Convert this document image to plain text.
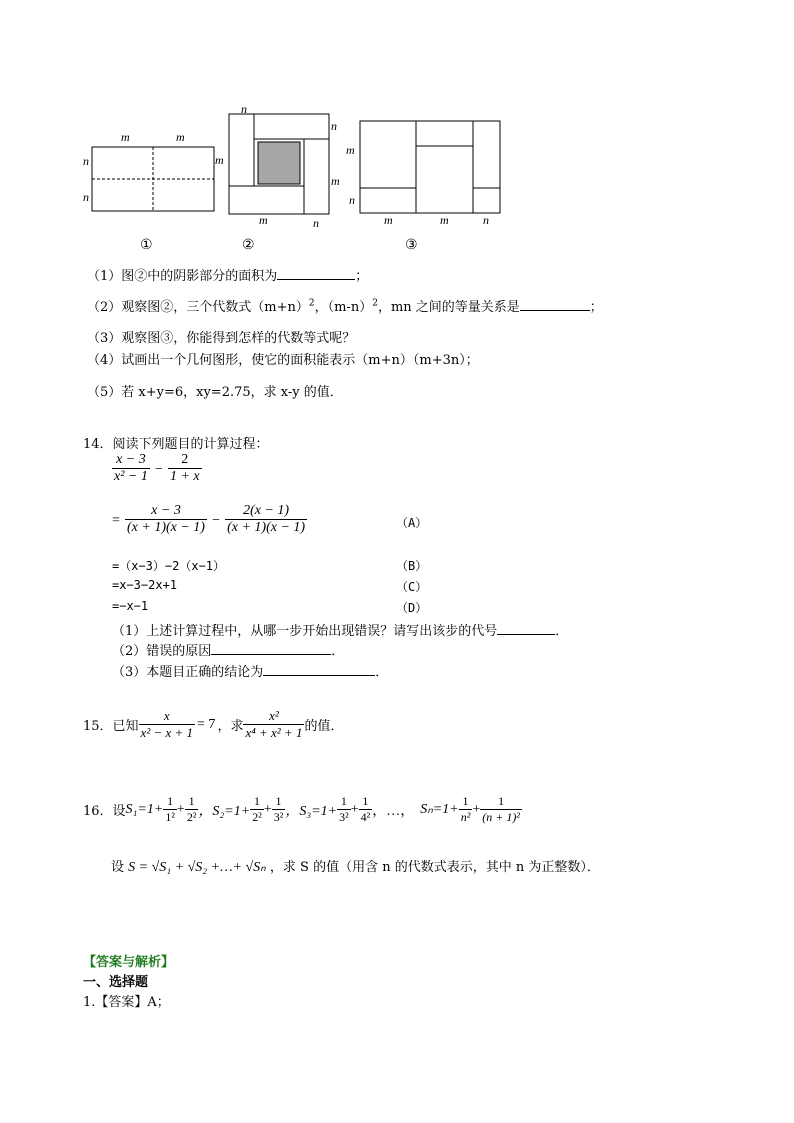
m	m
n
n
n
n
m
m
m	n
m
n
m	m	n
①	②	③
（1）图②中的阴影部分的面积为	；
（2）观察图②，三个代数式$(m+n)^2$，$(m-n)^2$，mn 之间的等量关系是	；
（3）观察图③，你能得到怎样的代数等式呢？
（4）试画出一个几何图形，使它的面积能表示（m+n）（m+3n）；
（5）若 x+y=6，xy=2.75，求 x-y 的值．
14．阅读下列题目的计算过程：
$\frac{x - 3}{\text{x² − 1}} - \frac{2}{1 + x}$
= $\frac{x - 3}{(x + 1)(x - 1)} - \frac{2(x - 1)}{(x + 1)(x - 1)}$	（A）
=（x−3）−2（x−1）	（B）
=x−3−2x+1	（C）
=−x−1	（D）
（1）上述计算过程中，从哪一步开始出现错误？请写出该步的代号	．
（2）错误的原因	．
（3）本题目正确的结论为	．
15．已知 $\frac{x}{\text{x² − x + 1}} = 7$ ，求 $\frac{\text{x²}}{\text{x⁴ + x² + 1}}$ 的值．
16．设 $S_1=1+ \frac{1}{\text{1²}} + \frac{1}{\text{2²}}$ ，$S_2=1+ \frac{1}{\text{2²}} + \frac{1}{\text{3²}}$ ，$S_3=1+ \frac{1}{\text{3²}} + \frac{1}{\text{4²}}$ ，…， $S_n=1+ \frac{1}{\text{n²}} + \frac{1}{\text{(n + 1)²}}$
设 S = √S₁ + √S₂ +…+ √Sₙ ，求 S 的值（用含 n 的代数式表示，其中 n 为正整数）．
【答案与解析】
一、选择题
1.【答案】A；
